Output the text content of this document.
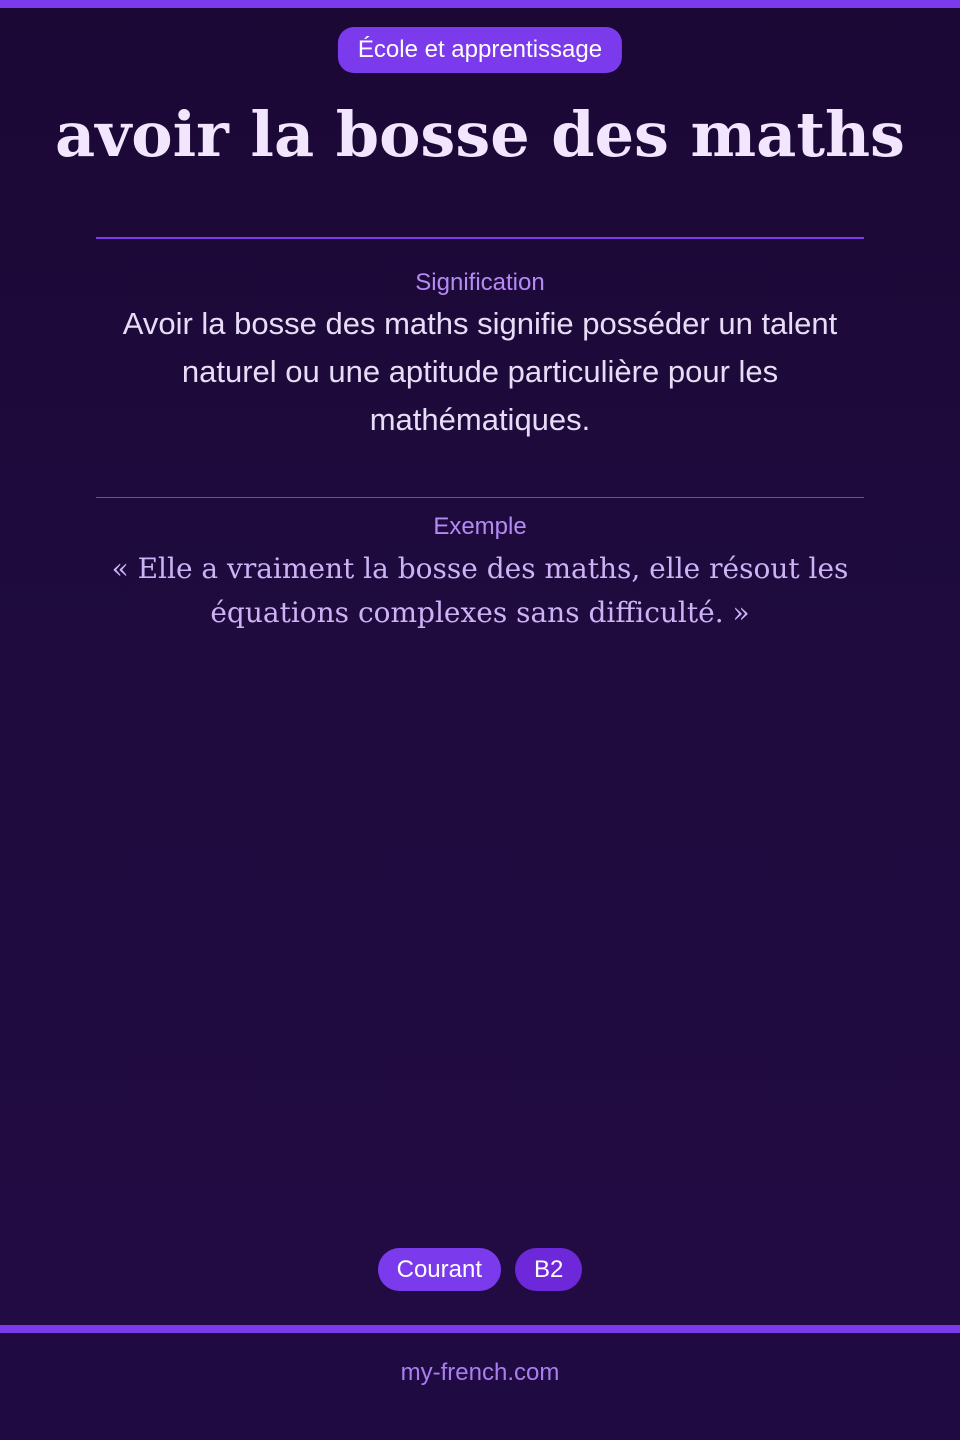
École et apprentissage
avoir la bosse des maths
Signification
Avoir la bosse des maths signifie posséder un talent naturel ou une aptitude particulière pour les mathématiques.
Exemple
« Elle a vraiment la bosse des maths, elle résout les équations complexes sans difficulté. »
Courant	B2
my-french.com
